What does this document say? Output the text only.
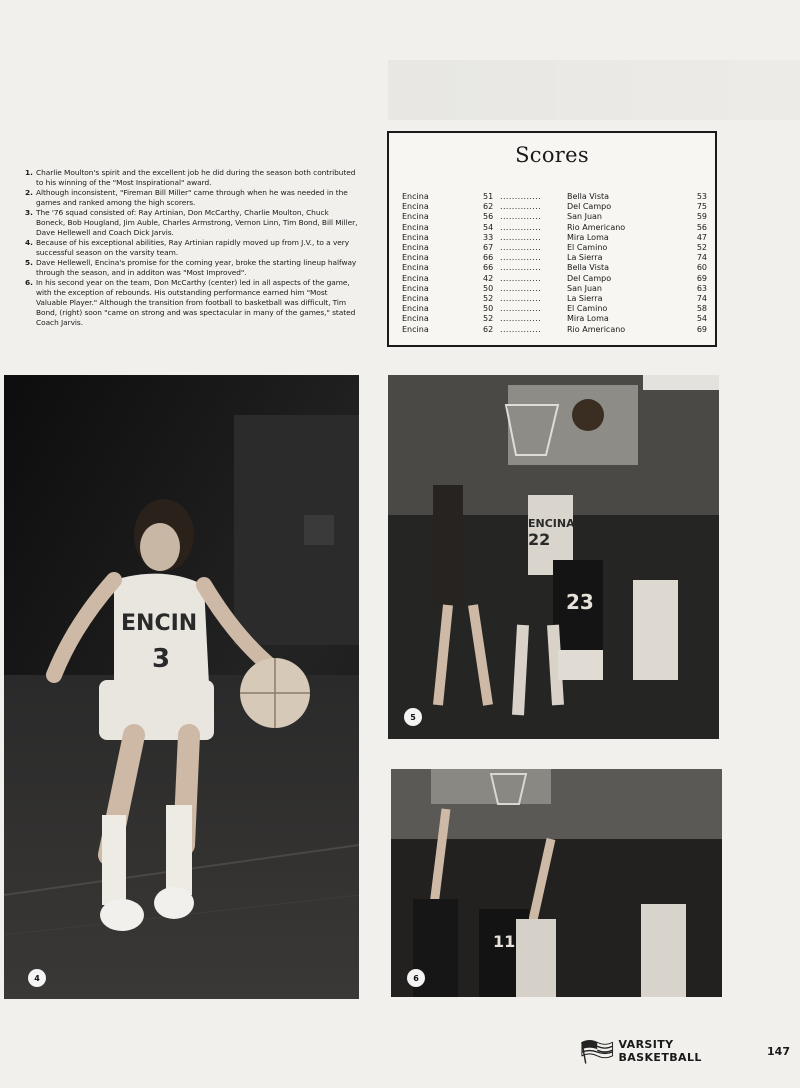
1. Charlie Moulton's spirit and the excellent job he did during the season both contributed to his winning of the "Most Inspirational" award.
2. Although inconsistent, "Fireman Bill Miller" came through when he was needed in the games and ranked among the high scorers.
3. The '76 squad consisted of: Ray Artinian, Don McCarthy, Charlie Moulton, Chuck Boneck, Bob Hougland, Jim Auble, Charles Armstrong, Vernon Linn, Tim Bond, Bill Miller, Dave Hellewell and Coach Dick Jarvis.
4. Because of his exceptional abilities, Ray Artinian rapidly moved up from J.V., to a very successful season on the varsity team.
5. Dave Hellewell, Encina's promise for the coming year, broke the starting lineup halfway through the season, and in additon was "Most Improved".
6. In his second year on the team, Don McCarthy (center) led in all aspects of the game, with the exception of rebounds. His outstanding performance earned him "Most Valuable Player." Although the transition from football to basketball was difficult, Tim Bond, (right) soon "came on strong and was spectacular in many of the games," stated Coach Jarvis.
Scores
Encina	51 ..............	Bella Vista	53
Encina	62 ..............	Del Campo	75
Encina	56 ..............	San Juan	59
Encina	54 ..............	Rio Americano	56
Encina	33 ..............	Mira Loma	47
Encina	67 ..............	El Camino	52
Encina	66 ..............	La Sierra	74
Encina	66 ..............	Bella Vista	60
Encina	42 ..............	Del Campo	69
Encina	50 ..............	San Juan	63
Encina	52 ..............	La Sierra	74
Encina	50 ..............	El Camino	58
Encina	52 ..............	Mira Loma	54
Encina	62 ..............	Rio Americano	69
ENCIN
3
4
22
ENCINA
23
5
11
6
VARSITY BASKETBALL	147
